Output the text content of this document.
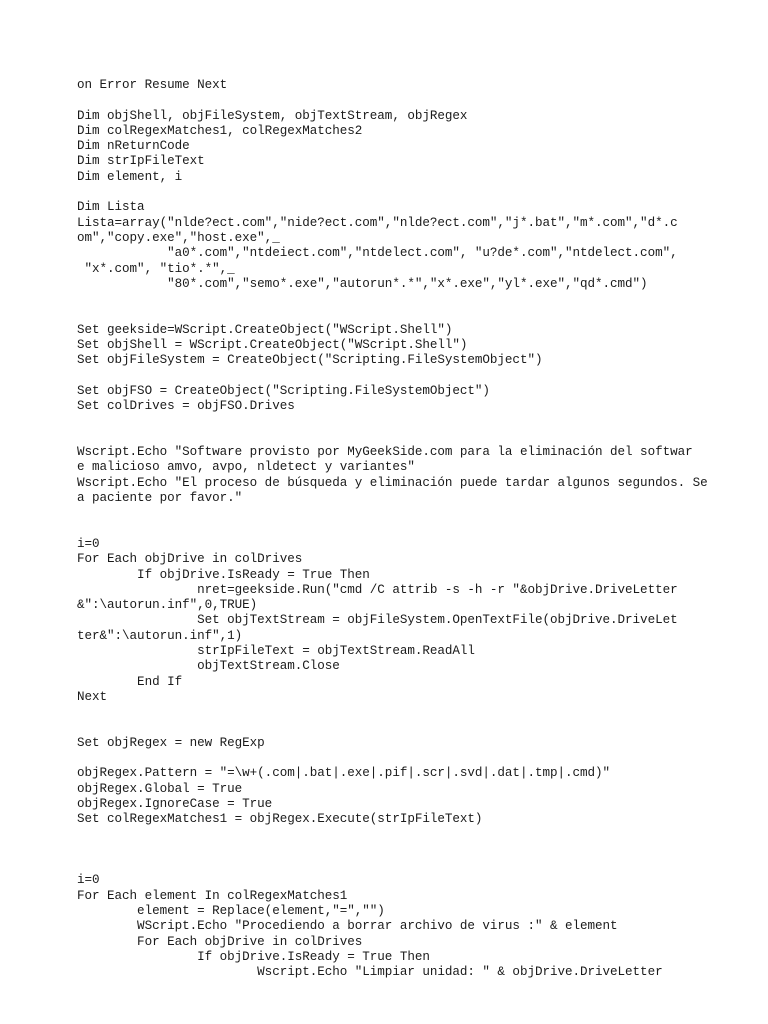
on Error Resume Next
Dim objShell, objFileSystem, objTextStream, objRegex
Dim colRegexMatches1, colRegexMatches2
Dim nReturnCode
Dim strIpFileText
Dim element, i
Dim Lista
Lista=array("nlde?ect.com","nide?ect.com","nlde?ect.com","j*.bat","m*.com","d*.c
om","copy.exe","host.exe",_
"a0*.com","ntdeiect.com","ntdelect.com", "u?de*.com","ntdelect.com",
"x*.com", "tio*.*",_
"80*.com","semo*.exe","autorun*.*","x*.exe","yl*.exe","qd*.cmd")
Set geekside=WScript.CreateObject("WScript.Shell")
Set objShell = WScript.CreateObject("WScript.Shell")
Set objFileSystem = CreateObject("Scripting.FileSystemObject")
Set objFSO = CreateObject("Scripting.FileSystemObject")
Set colDrives = objFSO.Drives
Wscript.Echo "Software provisto por MyGeekSide.com para la eliminación del softwar
e malicioso amvo, avpo, nldetect y variantes"
Wscript.Echo "El proceso de búsqueda y eliminación puede tardar algunos segundos. Se
a paciente por favor."
i=0
For Each objDrive in colDrives
If objDrive.IsReady = True Then
nret=geekside.Run("cmd /C attrib -s -h -r "&objDrive.DriveLetter
&":\autorun.inf",0,TRUE)
Set objTextStream = objFileSystem.OpenTextFile(objDrive.DriveLet
ter&":\autorun.inf",1)
strIpFileText = objTextStream.ReadAll
objTextStream.Close
End If
Next
Set objRegex = new RegExp
objRegex.Pattern = "=\w+(.com|.bat|.exe|.pif|.scr|.svd|.dat|.tmp|.cmd)"
objRegex.Global = True
objRegex.IgnoreCase = True
Set colRegexMatches1 = objRegex.Execute(strIpFileText)
i=0
For Each element In colRegexMatches1
element = Replace(element,"=","")
WScript.Echo "Procediendo a borrar archivo de virus :" & element
For Each objDrive in colDrives
If objDrive.IsReady = True Then
Wscript.Echo "Limpiar unidad: " & objDrive.DriveLetter
